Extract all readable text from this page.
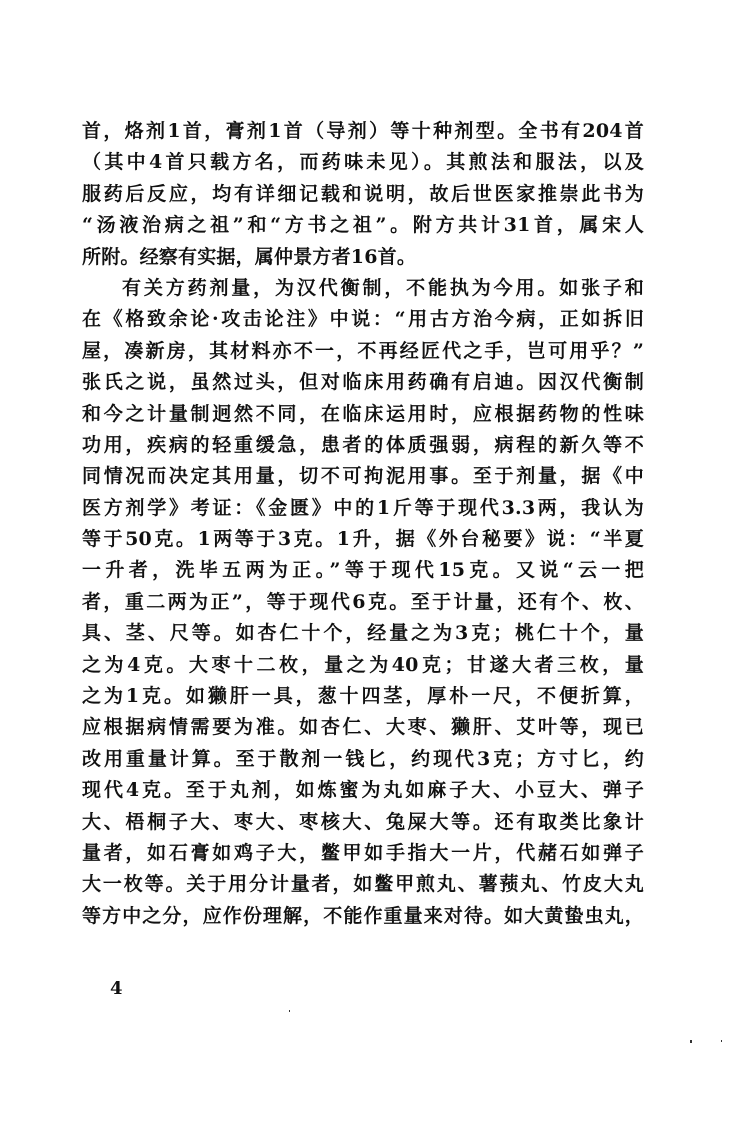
首，烙剂1首，膏剂1首（导剂）等十种剂型。全书有204首
（其中4首只载方名，而药味未见）。其煎法和服法，以及
服药后反应，均有详细记载和说明，故后世医家推崇此书为
“汤液治病之祖”和“方书之祖”。附方共计31首，属宋人
所附。经察有实据，属仲景方者16首。
有关方药剂量，为汉代衡制，不能执为今用。如张子和
在《格致余论·攻击论注》中说：“用古方治今病，正如拆旧
屋，凑新房，其材料亦不一，不再经匠代之手，岂可用乎？”
张氏之说，虽然过头，但对临床用药确有启迪。因汉代衡制
和今之计量制迥然不同，在临床运用时，应根据药物的性味
功用，疾病的轻重缓急，患者的体质强弱，病程的新久等不
同情况而决定其用量，切不可拘泥用事。至于剂量，据《中
医方剂学》考证：《金匮》中的1斤等于现代3.3两，我认为
等于50克。1两等于3克。1升，据《外台秘要》说：“半夏
一升者，洗毕五两为正。”等于现代15克。又说“云一把
者，重二两为正”，等于现代6克。至于计量，还有个、枚、
具、茎、尺等。如杏仁十个，经量之为3克；桃仁十个，量
之为4克。大枣十二枚，量之为40克；甘遂大者三枚，量
之为1克。如獭肝一具，葱十四茎，厚朴一尺，不便折算，
应根据病情需要为准。如杏仁、大枣、獭肝、艾叶等，现已
改用重量计算。至于散剂一钱匕，约现代3克；方寸匕，约
现代4克。至于丸剂，如炼蜜为丸如麻子大、小豆大、弹子
大、梧桐子大、枣大、枣核大、兔屎大等。还有取类比象计
量者，如石膏如鸡子大，鳖甲如手指大一片，代赭石如弹子
大一枚等。关于用分计量者，如鳖甲煎丸、薯蓣丸、竹皮大丸
等方中之分，应作份理解，不能作重量来对待。如大黄蛰虫丸，
4
